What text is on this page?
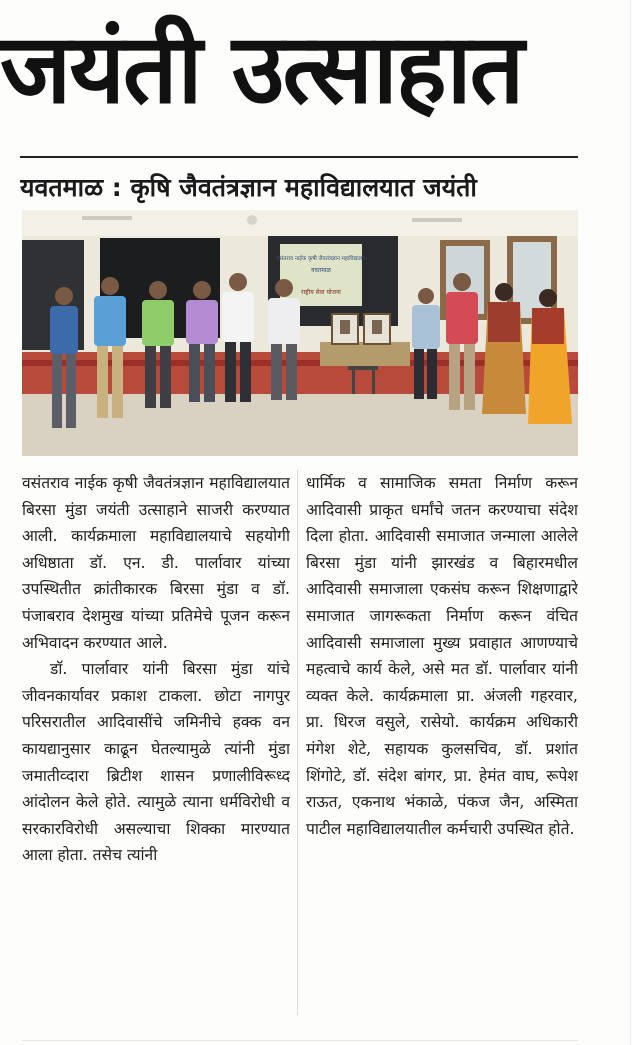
जयंती उत्साहात
यवतमाळ : कृषि जैवतंत्रज्ञान महाविद्यालयात जयंती
वसंतराव नाईक कृषी जैवतंत्रज्ञान महाविद्यालय
यवतमाळ
राष्ट्रीय सेवा योजना

वसंतराव नाईक कृषी जैवतंत्रज्ञान महाविद्यालयात बिरसा मुंडा जयंती उत्साहाने साजरी करण्यात आली. कार्यक्रमाला महाविद्यालयाचे सहयोगी अधिष्ठाता डॉ. एन. डी. पार्लावार यांच्या उपस्थितीत क्रांतीकारक बिरसा मुंडा व डॉ. पंजाबराव देशमुख यांच्या प्रतिमेचे पूजन करून अभिवादन करण्यात आले.

डॉ. पार्लावार यांनी बिरसा मुंडा यांचे जीवनकार्यावर प्रकाश टाकला. छोटा नागपुर परिसरातील आदिवासींचे जमिनीचे हक्क वन कायद्यानुसार काढून घेतल्यामुळे त्यांनी मुंडा जमातीव्दारा ब्रिटीश शासन प्रणालीविरूध्द आंदोलन केले होते. त्यामुळे त्याना धर्मविरोधी व सरकारविरोधी असल्याचा शिक्का मारण्यात आला होता. तसेच त्यांनी

धार्मिक व सामाजिक समता निर्माण करून आदिवासी प्राकृत धर्मांचे जतन करण्याचा संदेश दिला होता. आदिवासी समाजात जन्माला आलेले बिरसा मुंडा यांनी झारखंड व बिहारमधील आदिवासी समाजाला एकसंघ करून शिक्षणाद्वारे समाजात जागरूकता निर्माण करून वंचित आदिवासी समाजाला मुख्य प्रवाहात आणण्याचे महत्वाचे कार्य केले, असे मत डॉ. पार्लावार यांनी व्यक्त केले. कार्यक्रमाला प्रा. अंजली गहरवार, प्रा. धिरज वसुले, रासेयो. कार्यक्रम अधिकारी मंगेश शेटे, सहायक कुलसचिव, डॉ. प्रशांत शिंगोटे, डॉ. संदेश बांगर, प्रा. हेमंत वाघ, रूपेश राऊत, एकनाथ भंकाळे, पंकज जैन, अस्मिता पाटील महाविद्यालयातील कर्मचारी उपस्थित होते.
